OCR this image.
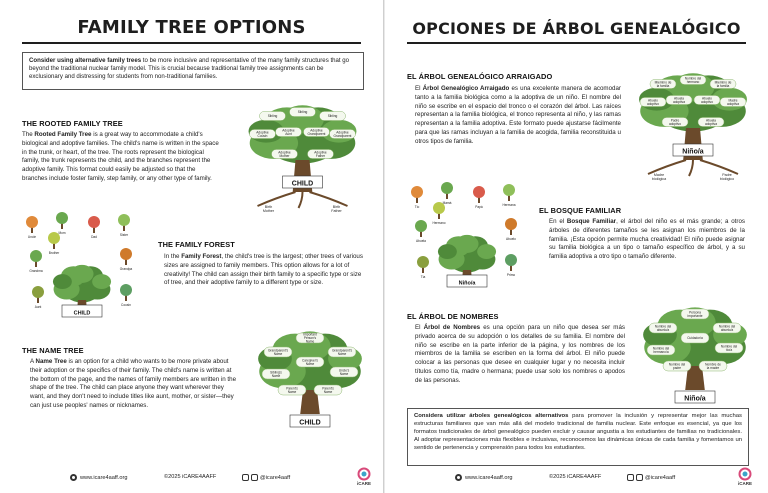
FAMILY TREE OPTIONS
Consider using alternative family trees to be more inclusive and representative of the many family structures that go beyond the traditional nuclear family model. This is crucial because traditional family tree assignments can be exclusionary and distressing for students from non-traditional families.
THE ROOTED FAMILY TREE
The Rooted Family Tree is a great way to accommodate a child's biological and adoptive families. The child's name is written in the space in the trunk, or heart, of the tree. The roots represent the biological family, the trunk represents the child, and the branches represent the adoptive family. This format could easily be adjusted so that the branches include foster family, step family, or any other type of family.
Sibling
Sibling
Sibling
Adoptive Cousin
Adoptive Aunt
Adoptive Grandparent	Adoptive Grandparent
Adoptive Mother
Adoptive Father
CHILD
Birth Mother
Birth Father
CHILD
Uncle
Mom
Dad	Sister
Grandma	Grandpa
Aunt	Cousin
Brother
THE FAMILY FOREST
In the Family Forest, the child's tree is the largest; other trees of various sizes are assigned to family members. This option allows for a lot of creativity! The child can assign their birth family to a specific type or size of tree, and their adoptive family to a different type or size.
THE NAME TREE
A Name Tree is an option for a child who wants to be more private about their adoption or the specifics of their family. The child's name is written at the bottom of the page, and the names of family members are written in the shape of the tree. The child can place anyone they want wherever they want, and they don't need to include titles like aunt, mother, or sister—they can just use peoples' names or nicknames.
Important Person's Name
Grandparent's Name
Grandparent's Name
Caregiver's Name
Uncle's Name
Sibling's Name
Parent's Name
Parent's Name
CHILD
www.icare4aaff.org	©2025 iCARE4AAFF	@icare4aaff
iCARE
OPCIONES DE ÁRBOL GENEALÓGICO
EL ÁRBOL GENEALÓGICO ARRAIGADO
El Árbol Genealógico Arraigado es una excelente manera de acomodar tanto a la familia biológica como a la adoptiva de un niño. El nombre del niño se escribe en el espacio del tronco o el corazón del árbol. Las raíces representan a la familia biológica, el tronco representa al niño, y las ramas representan a la familia adoptiva. Este formato puede ajustarse fácilmente para que las ramas incluyan a la familia de acogida, familia reconstituida u otros tipos de familia.
Miembro de la familia
Nombre del hermano	Miembro de la familia
Abuelo adoptivo
Abuela adoptiva
Abuelo adoptivo	Madre adoptiva
Padre adoptivo
Abuela adoptiva
Niño/a
Madre biológica
Padre biológico
Niño/a
Tío
Mamá
Papá	Hermana
Abuela	Abuelo
Tía	Primo
Hermano
EL BOSQUE FAMILIAR
En el Bosque Familiar, el árbol del niño es el más grande; a otros árboles de diferentes tamaños se les asignan los miembros de la familia. ¡Esta opción permite mucha creatividad! El niño puede asignar su familia biológica a un tipo o tamaño específico de árbol, y a su familia adoptiva a otro tipo o tamaño diferente.
EL ÁRBOL DE NOMBRES
El Árbol de Nombres es una opción para un niño que desea ser más privado acerca de su adopción o los detalles de su familia. El nombre del niño se escribe en la parte inferior de la página, y los nombres de los miembros de la familia se escriben en la forma del árbol. El niño puede colocar a las personas que desee en cualquier lugar y no necesita incluir títulos como tía, madre o hermana; puede usar solo los nombres o apodos de las personas.
Persona importante
Nombre del abuelo/a
Nombre del abuelo/a
Cuidador/a
Nombre del tío/a
Nombre del hermano/a
Nombre del padre
Nombre de la madre
Niño/a
Considera utilizar árboles genealógicos alternativos para promover la inclusión y representar mejor las muchas estructuras familiares que van más allá del modelo tradicional de familia nuclear. Este enfoque es esencial, ya que los formatos tradicionales de árbol genealógico pueden excluir y causar angustia a los estudiantes de familias no tradicionales. Al adoptar representaciones más flexibles e inclusivas, reconocemos las dinámicas únicas de cada familia y fomentamos un sentido de pertenencia y comprensión para todos los estudiantes.
www.icare4aaff.org	©2025 iCARE4AAFF	@icare4aaff
iCARE
